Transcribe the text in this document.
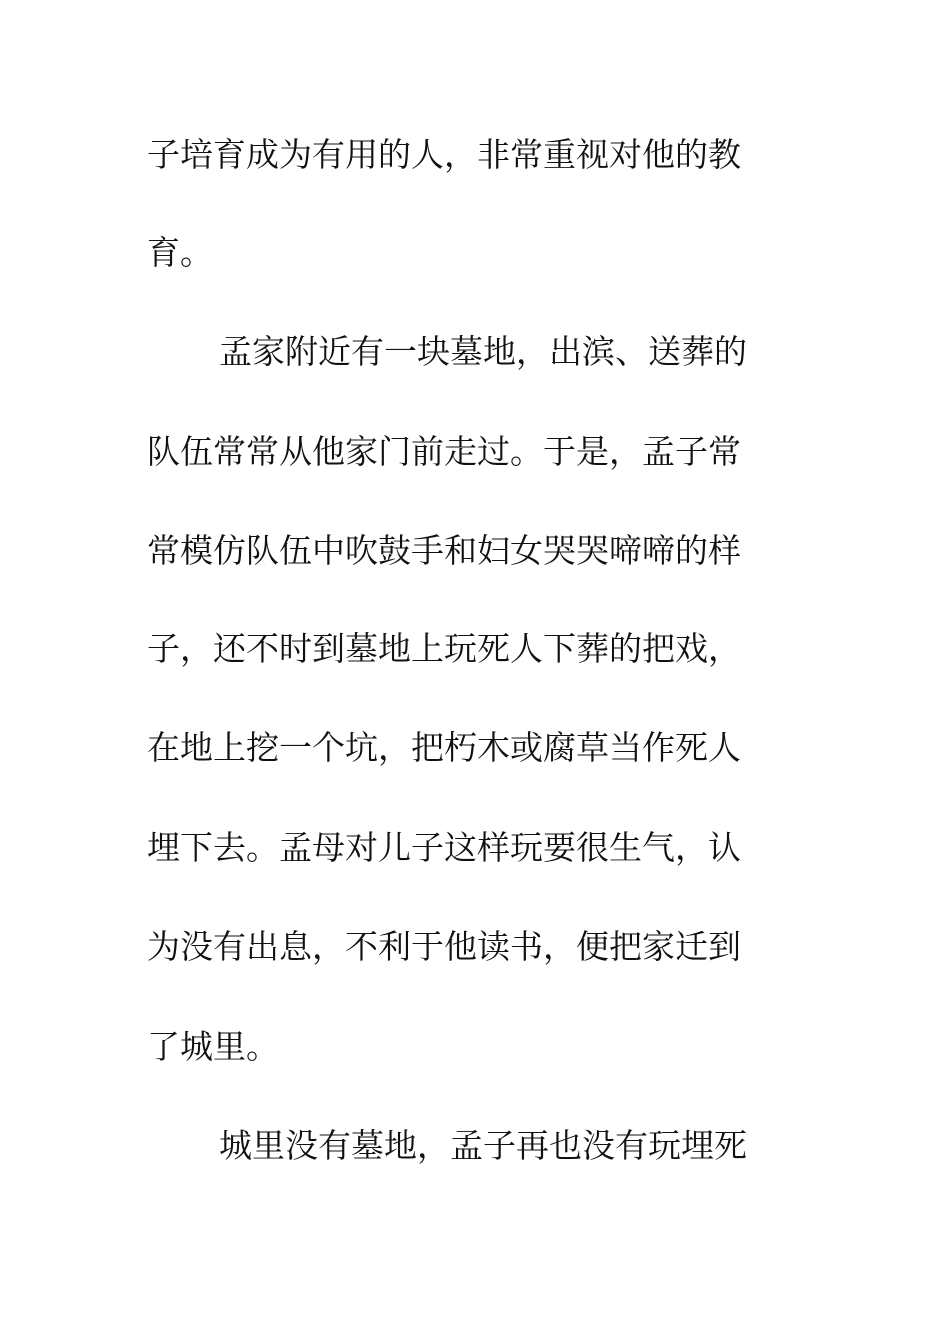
子培育成为有用的人，非常重视对他的教
育。
孟家附近有一块墓地，出滨、送葬的
队伍常常从他家门前走过。于是，孟子常
常模仿队伍中吹鼓手和妇女哭哭啼啼的样
子，还不时到墓地上玩死人下葬的把戏，
在地上挖一个坑，把朽木或腐草当作死人
埋下去。孟母对儿子这样玩要很生气，认
为没有出息，不利于他读书，便把家迁到
了城里。
城里没有墓地，孟子再也没有玩埋死
